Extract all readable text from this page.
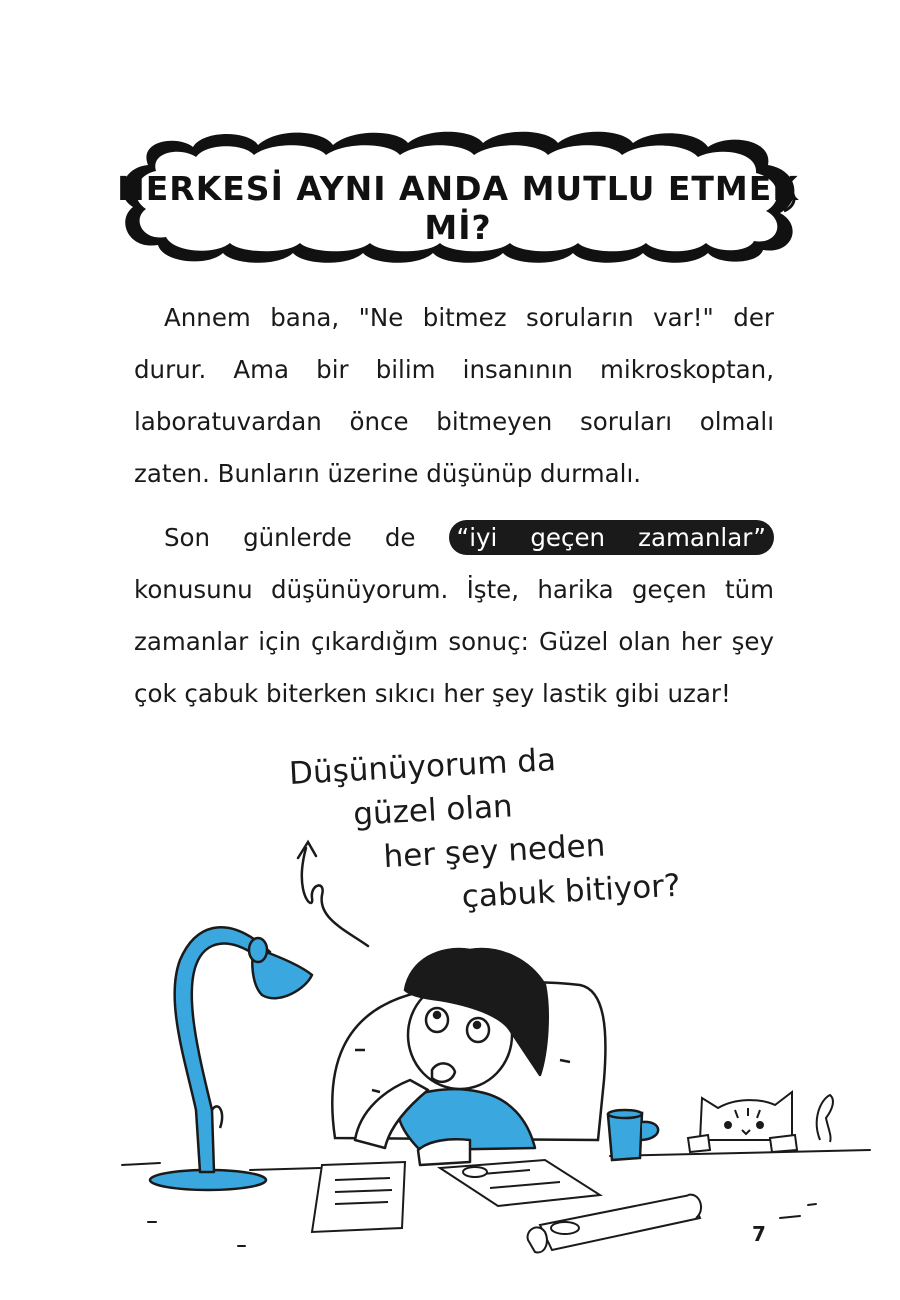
HERKESİ AYNI ANDA MUTLU ETMEK Mİ?

Annem bana, "Ne bitmez soruların var!" der durur. Ama bir bilim insanının mikroskoptan, laboratuvardan önce bitmeyen soruları olmalı zaten. Bunların üzerine düşünüp durmalı.

Son günlerde de “iyi geçen zamanlar” konusunu düşünüyorum. İşte, harika geçen tüm zamanlar için çıkardığım sonuç: Güzel olan her şey çok çabuk biterken sıkıcı her şey lastik gibi uzar!

Düşünüyorum da
güzel olan
her şey neden
çabuk bitiyor?
7
